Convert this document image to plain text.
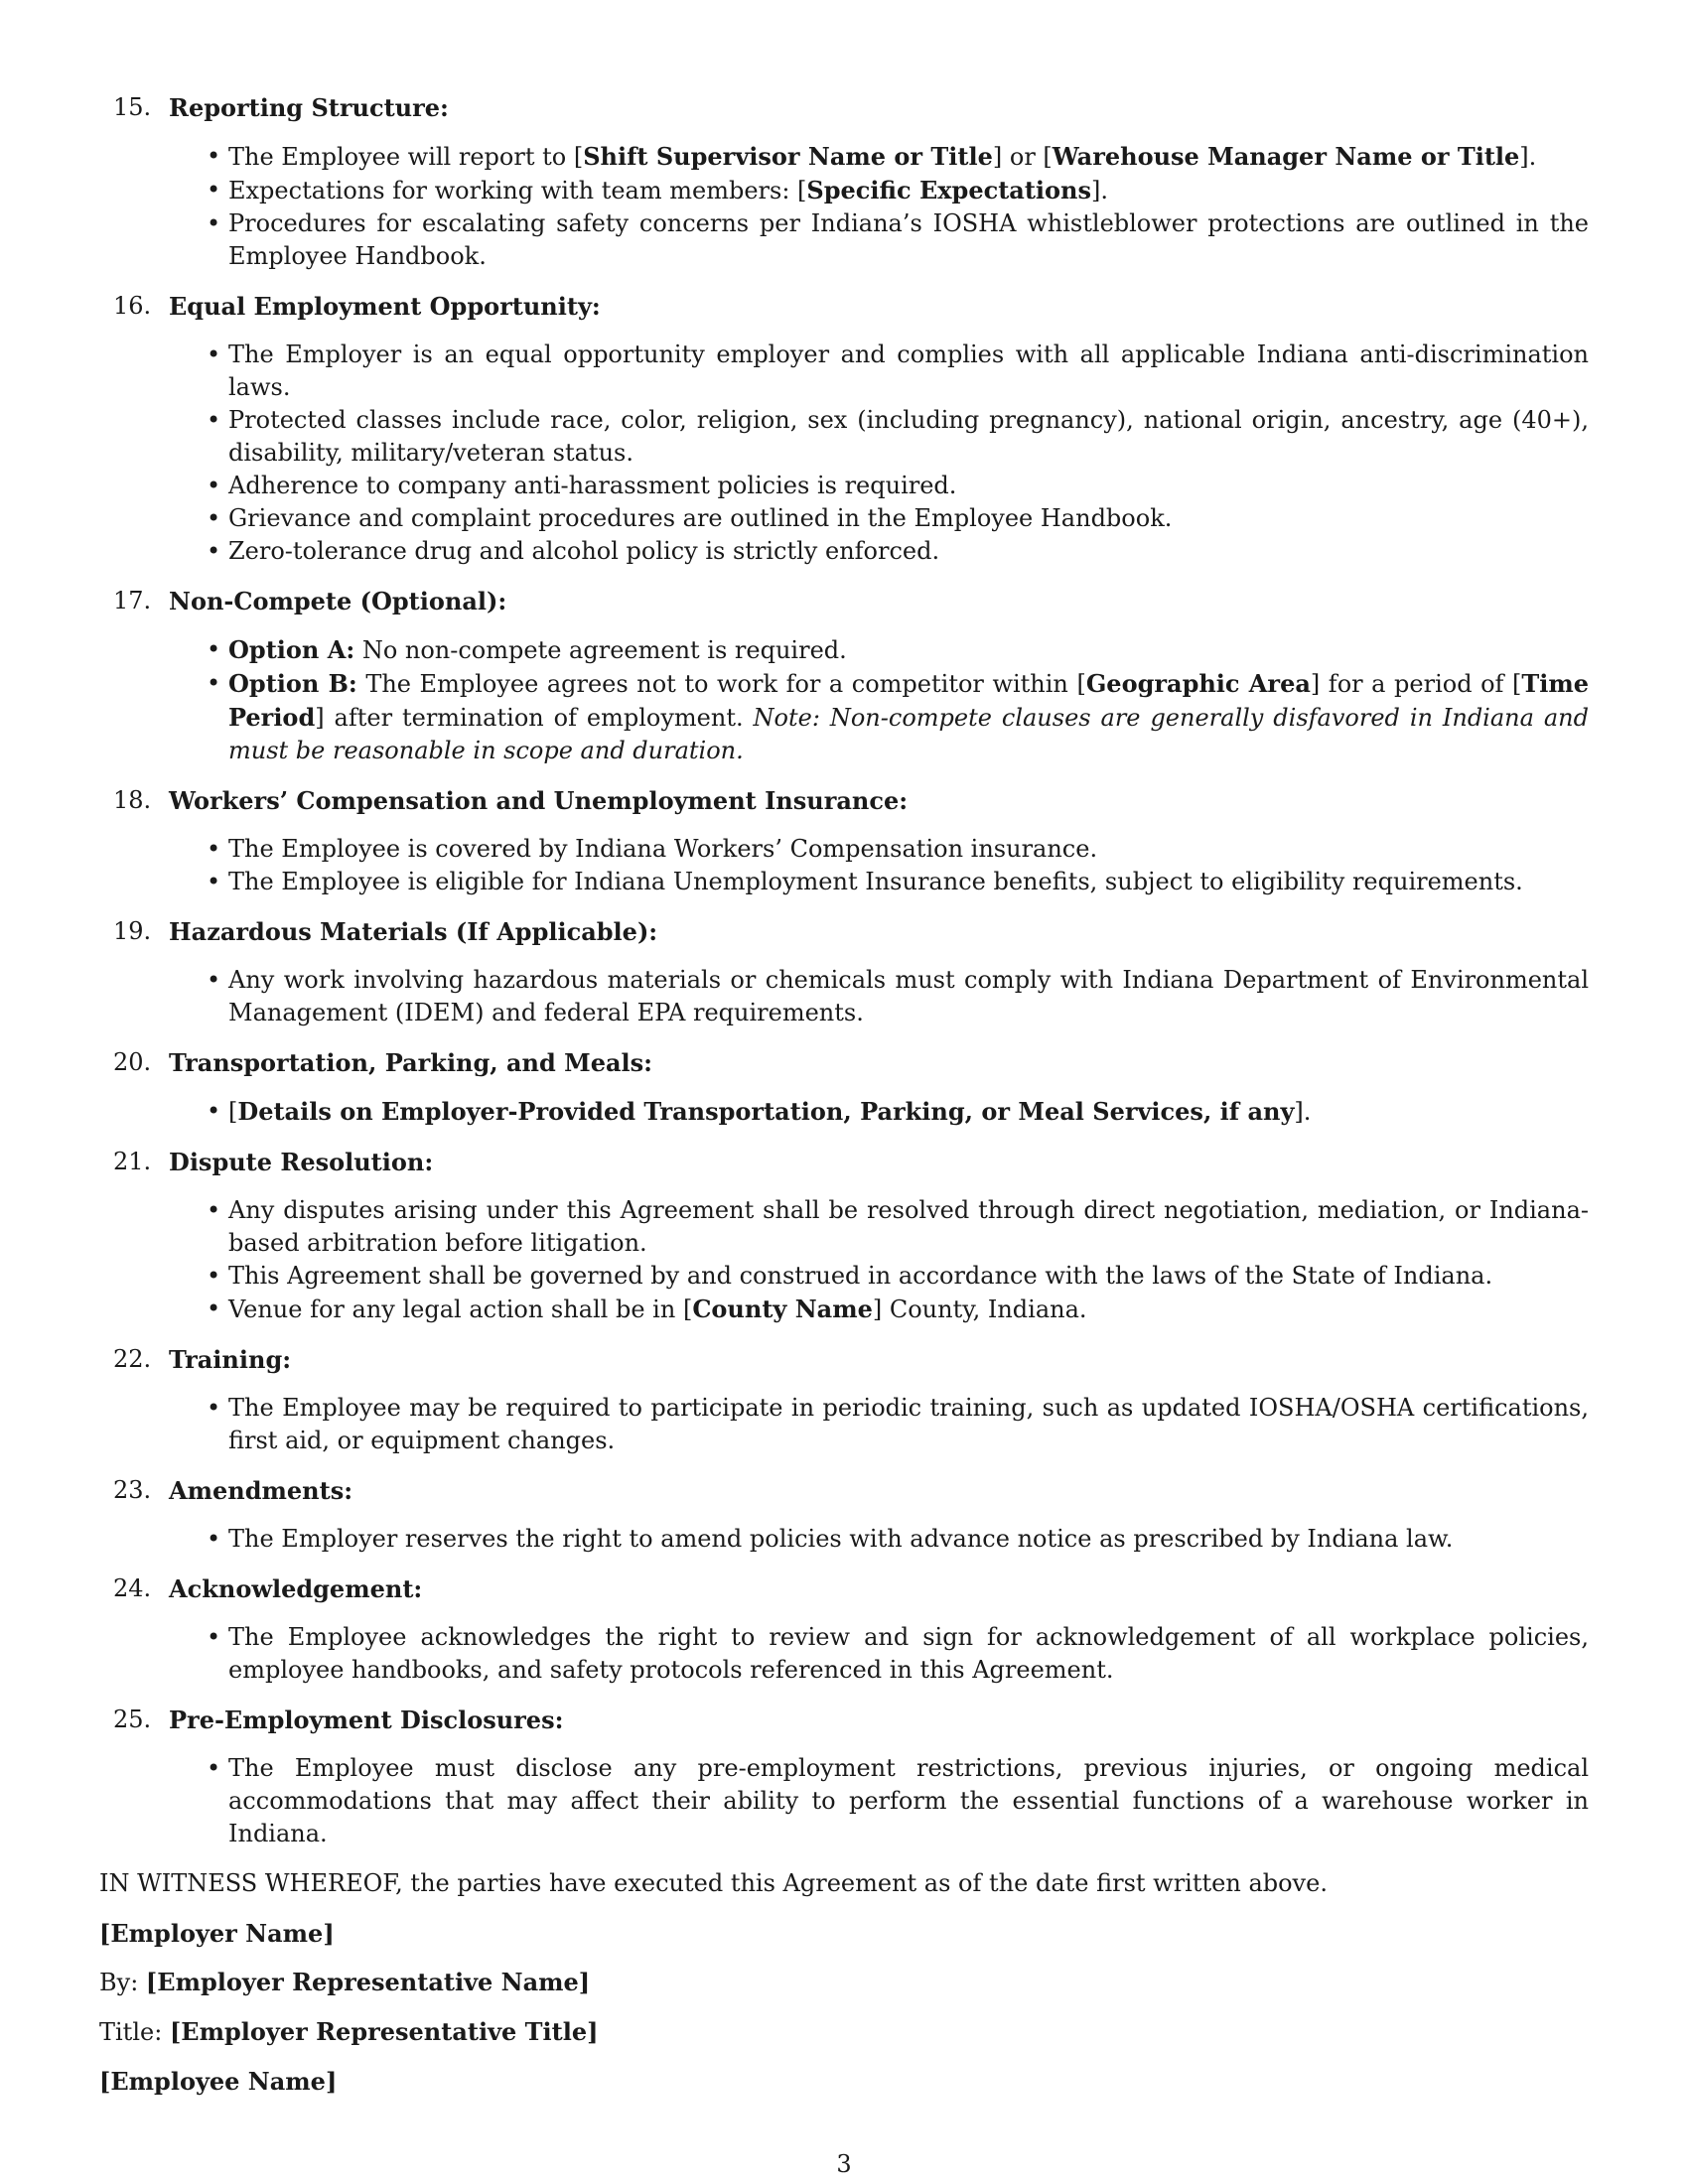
15. Reporting Structure:
• The Employee will report to [Shift Supervisor Name or Title] or [Warehouse Manager Name or Title].
• Expectations for working with team members: [Specific Expectations].
• Procedures for escalating safety concerns per Indiana’s IOSHA whistleblower protections are outlined in the Employee Handbook.
16. Equal Employment Opportunity:
• The Employer is an equal opportunity employer and complies with all applicable Indiana anti-discrimination laws.
• Protected classes include race, color, religion, sex (including pregnancy), national origin, ancestry, age (40+), disability, military/veteran status.
• Adherence to company anti-harassment policies is required.
• Grievance and complaint procedures are outlined in the Employee Handbook.
• Zero-tolerance drug and alcohol policy is strictly enforced.
17. Non-Compete (Optional):
• Option A: No non-compete agreement is required.
• Option B: The Employee agrees not to work for a competitor within [Geographic Area] for a period of [Time Period] after termination of employment. Note: Non-compete clauses are generally disfavored in Indiana and must be reasonable in scope and duration.
18. Workers’ Compensation and Unemployment Insurance:
• The Employee is covered by Indiana Workers’ Compensation insurance.
• The Employee is eligible for Indiana Unemployment Insurance benefits, subject to eligibility requirements.
19. Hazardous Materials (If Applicable):
• Any work involving hazardous materials or chemicals must comply with Indiana Department of Environmental Management (IDEM) and federal EPA requirements.
20. Transportation, Parking, and Meals:
• [Details on Employer-Provided Transportation, Parking, or Meal Services, if any].
21. Dispute Resolution:
• Any disputes arising under this Agreement shall be resolved through direct negotiation, mediation, or Indiana-based arbitration before litigation.
• This Agreement shall be governed by and construed in accordance with the laws of the State of Indiana.
• Venue for any legal action shall be in [County Name] County, Indiana.
22. Training:
• The Employee may be required to participate in periodic training, such as updated IOSHA/OSHA certifications, first aid, or equipment changes.
23. Amendments:
• The Employer reserves the right to amend policies with advance notice as prescribed by Indiana law.
24. Acknowledgement:
• The Employee acknowledges the right to review and sign for acknowledgement of all workplace policies, employee handbooks, and safety protocols referenced in this Agreement.
25. Pre-Employment Disclosures:
• The Employee must disclose any pre-employment restrictions, previous injuries, or ongoing medical accommodations that may affect their ability to perform the essential functions of a warehouse worker in Indiana.

IN WITNESS WHEREOF, the parties have executed this Agreement as of the date first written above.

[Employer Name]

By: [Employer Representative Name]

Title: [Employer Representative Title]

[Employee Name]

3
